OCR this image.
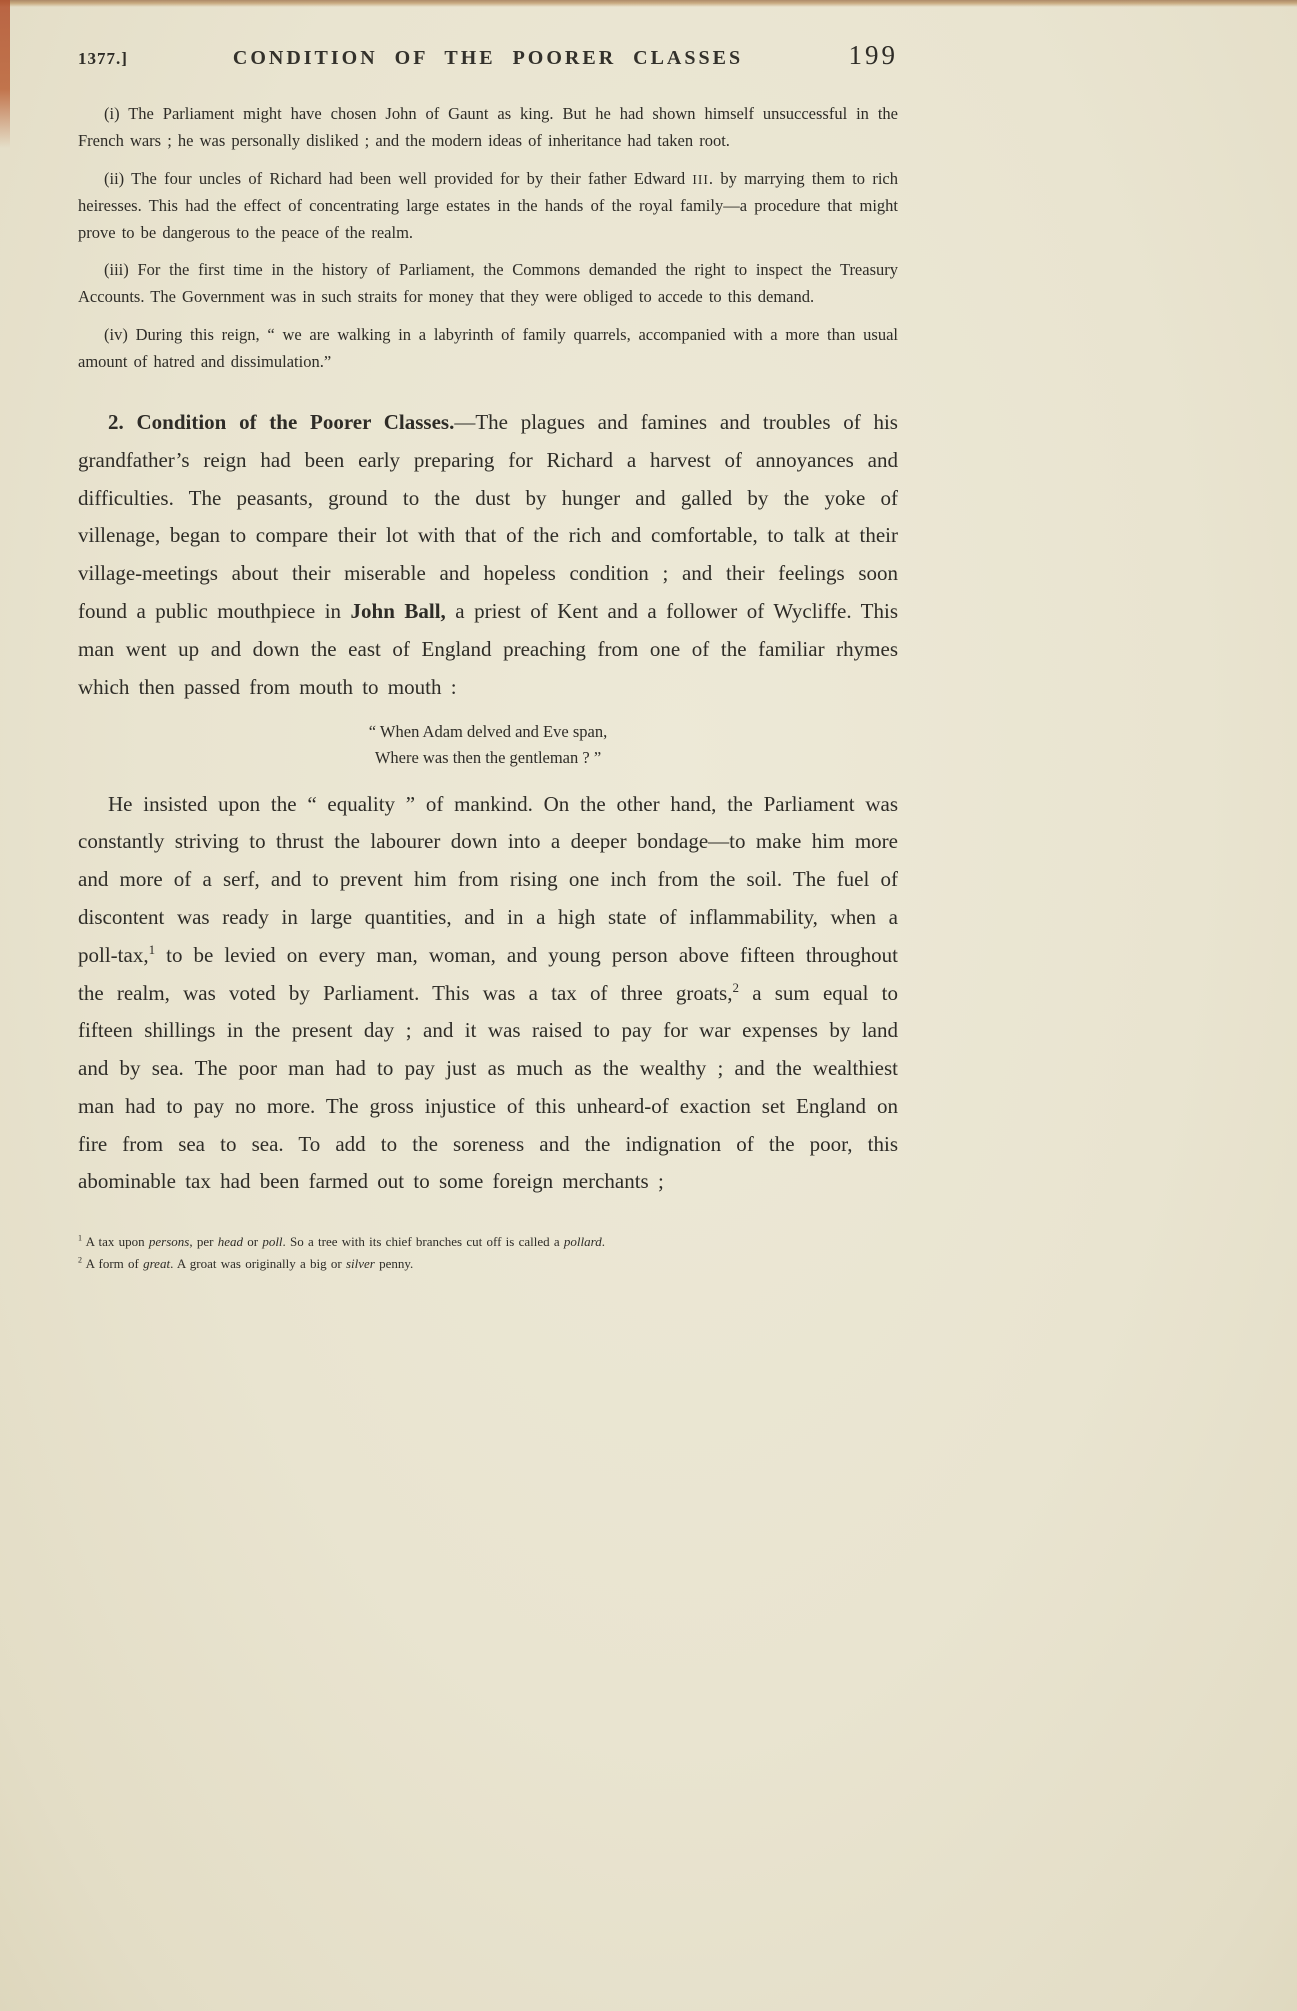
1377.]	CONDITION OF THE POORER CLASSES	199

(i) The Parliament might have chosen John of Gaunt as king. But he had shown himself unsuccessful in the French wars ; he was personally disliked ; and the modern ideas of inheritance had taken root.

(ii) The four uncles of Richard had been well provided for by their father Edward III. by marrying them to rich heiresses. This had the effect of concentrating large estates in the hands of the royal family—a procedure that might prove to be dangerous to the peace of the realm.

(iii) For the first time in the history of Parliament, the Commons demanded the right to inspect the Treasury Accounts. The Government was in such straits for money that they were obliged to accede to this demand.

(iv) During this reign, “ we are walking in a labyrinth of family quarrels, accompanied with a more than usual amount of hatred and dissimulation.”

2. Condition of the Poorer Classes.—The plagues and famines and troubles of his grandfather’s reign had been early preparing for Richard a harvest of annoyances and difficulties. The peasants, ground to the dust by hunger and galled by the yoke of villenage, began to compare their lot with that of the rich and comfortable, to talk at their village-meetings about their miserable and hopeless condition ; and their feelings soon found a public mouthpiece in John Ball, a priest of Kent and a follower of Wycliffe. This man went up and down the east of England preaching from one of the familiar rhymes which then passed from mouth to mouth :

“ When Adam delved and Eve span,
Where was then the gentleman ? ”

He insisted upon the “ equality ” of mankind. On the other hand, the Parliament was constantly striving to thrust the labourer down into a deeper bondage—to make him more and more of a serf, and to prevent him from rising one inch from the soil. The fuel of discontent was ready in large quantities, and in a high state of inflammability, when a poll-tax,$^1$ to be levied on every man, woman, and young person above fifteen throughout the realm, was voted by Parliament. This was a tax of three groats,$^2$ a sum equal to fifteen shillings in the present day ; and it was raised to pay for war expenses by land and by sea. The poor man had to pay just as much as the wealthy ; and the wealthiest man had to pay no more. The gross injustice of this unheard-of exaction set England on fire from sea to sea. To add to the soreness and the indignation of the poor, this abominable tax had been farmed out to some foreign merchants ;

$^1$ A tax upon persons, per head or poll. So a tree with its chief branches cut off is called a pollard.

$^2$ A form of great. A groat was originally a big or silver penny.
